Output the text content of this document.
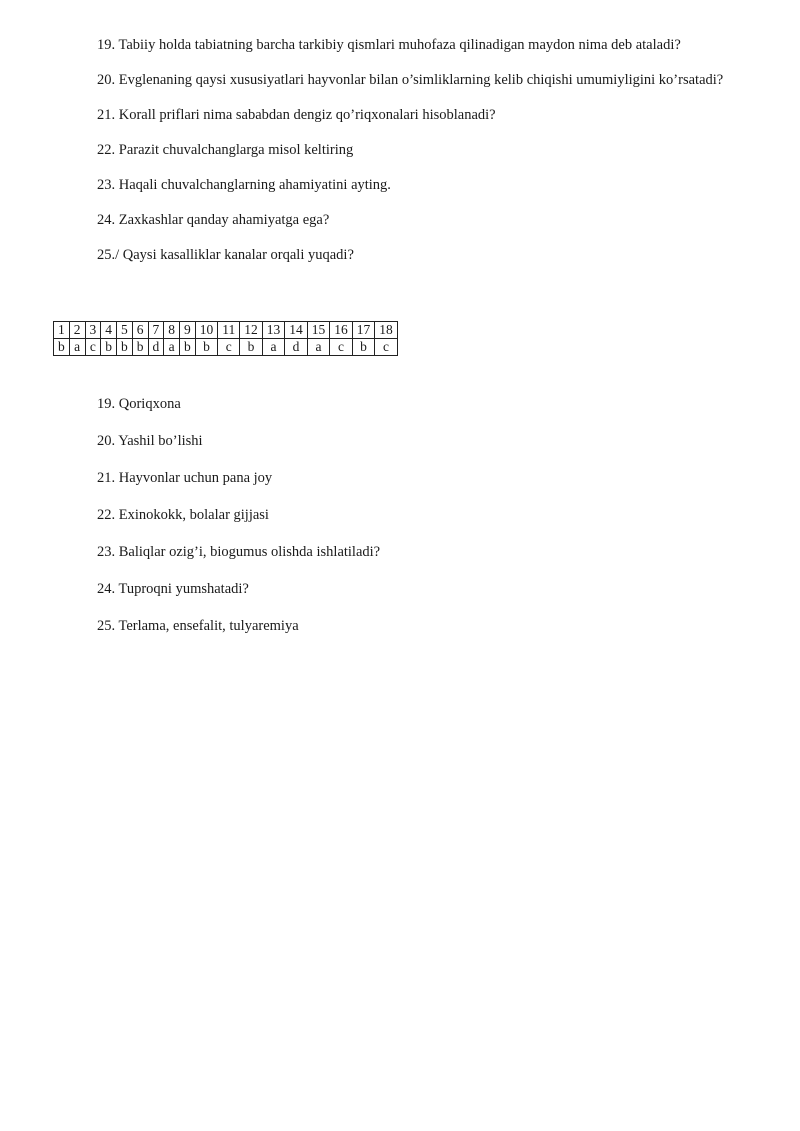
19. Tabiiy holda tabiatning barcha tarkibiy qismlari muhofaza qilinadigan maydon nima deb ataladi?

20. Evglenaning qaysi xususiyatlari hayvonlar bilan o’simliklarning kelib chiqishi umumiyligini ko’rsatadi?

21. Korall priflari nima sababdan dengiz qo’riqxonalari hisoblanadi?

22. Parazit chuvalchanglarga misol keltiring

23. Haqali chuvalchanglarning ahamiyatini ayting.

24. Zaxkashlar qanday ahamiyatga ega?

25./ Qaysi kasalliklar kanalar orqali yuqadi?

1	2	3	4	5	6	7	8	9	10	11	12	13	14	15	16	17	18
b	a	c	b	b	b	d	a	b	b	c	b	a	d	a	c	b	c

19. Qoriqxona

20. Yashil bo’lishi

21. Hayvonlar uchun pana joy

22. Exinokokk, bolalar gijjasi

23. Baliqlar ozig’i, biogumus olishda ishlatiladi?

24. Tuproqni yumshatadi?

25. Terlama, ensefalit, tulyaremiya
